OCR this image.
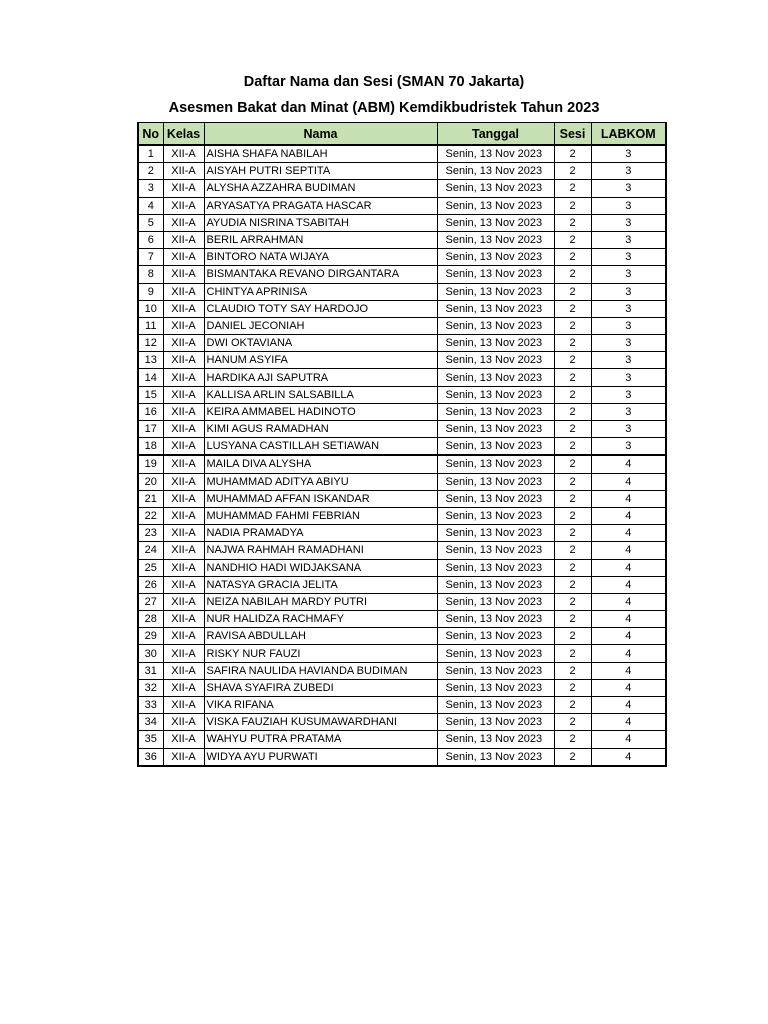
Daftar Nama dan Sesi (SMAN 70 Jakarta)
Asesmen Bakat dan Minat (ABM) Kemdikbudristek Tahun 2023
No	Kelas	Nama	Tanggal	Sesi	LABKOM
1	XII-A	AISHA SHAFA NABILAH	Senin, 13 Nov 2023	2	3
2	XII-A	AISYAH PUTRI SEPTITA	Senin, 13 Nov 2023	2	3
3	XII-A	ALYSHA AZZAHRA BUDIMAN	Senin, 13 Nov 2023	2	3
4	XII-A	ARYASATYA PRAGATA HASCAR	Senin, 13 Nov 2023	2	3
5	XII-A	AYUDIA NISRINA TSABITAH	Senin, 13 Nov 2023	2	3
6	XII-A	BERIL ARRAHMAN	Senin, 13 Nov 2023	2	3
7	XII-A	BINTORO NATA WIJAYA	Senin, 13 Nov 2023	2	3
8	XII-A	BISMANTAKA REVANO DIRGANTARA	Senin, 13 Nov 2023	2	3
9	XII-A	CHINTYA APRINISA	Senin, 13 Nov 2023	2	3
10	XII-A	CLAUDIO TOTY SAY HARDOJO	Senin, 13 Nov 2023	2	3
11	XII-A	DANIEL JECONIAH	Senin, 13 Nov 2023	2	3
12	XII-A	DWI OKTAVIANA	Senin, 13 Nov 2023	2	3
13	XII-A	HANUM ASYIFA	Senin, 13 Nov 2023	2	3
14	XII-A	HARDIKA AJI SAPUTRA	Senin, 13 Nov 2023	2	3
15	XII-A	KALLISA ARLIN SALSABILLA	Senin, 13 Nov 2023	2	3
16	XII-A	KEIRA AMMABEL HADINOTO	Senin, 13 Nov 2023	2	3
17	XII-A	KIMI AGUS RAMADHAN	Senin, 13 Nov 2023	2	3
18	XII-A	LUSYANA CASTILLAH SETIAWAN	Senin, 13 Nov 2023	2	3
19	XII-A	MAILA DIVA ALYSHA	Senin, 13 Nov 2023	2	4
20	XII-A	MUHAMMAD ADITYA ABIYU	Senin, 13 Nov 2023	2	4
21	XII-A	MUHAMMAD AFFAN ISKANDAR	Senin, 13 Nov 2023	2	4
22	XII-A	MUHAMMAD FAHMI FEBRIAN	Senin, 13 Nov 2023	2	4
23	XII-A	NADIA PRAMADYA	Senin, 13 Nov 2023	2	4
24	XII-A	NAJWA RAHMAH RAMADHANI	Senin, 13 Nov 2023	2	4
25	XII-A	NANDHIO HADI WIDJAKSANA	Senin, 13 Nov 2023	2	4
26	XII-A	NATASYA GRACIA JELITA	Senin, 13 Nov 2023	2	4
27	XII-A	NEIZA NABILAH MARDY PUTRI	Senin, 13 Nov 2023	2	4
28	XII-A	NUR HALIDZA RACHMAFY	Senin, 13 Nov 2023	2	4
29	XII-A	RAVISA ABDULLAH	Senin, 13 Nov 2023	2	4
30	XII-A	RISKY NUR FAUZI	Senin, 13 Nov 2023	2	4
31	XII-A	SAFIRA NAULIDA HAVIANDA BUDIMAN	Senin, 13 Nov 2023	2	4
32	XII-A	SHAVA SYAFIRA ZUBEDI	Senin, 13 Nov 2023	2	4
33	XII-A	VIKA RIFANA	Senin, 13 Nov 2023	2	4
34	XII-A	VISKA FAUZIAH KUSUMAWARDHANI	Senin, 13 Nov 2023	2	4
35	XII-A	WAHYU PUTRA PRATAMA	Senin, 13 Nov 2023	2	4
36	XII-A	WIDYA AYU PURWATI	Senin, 13 Nov 2023	2	4
